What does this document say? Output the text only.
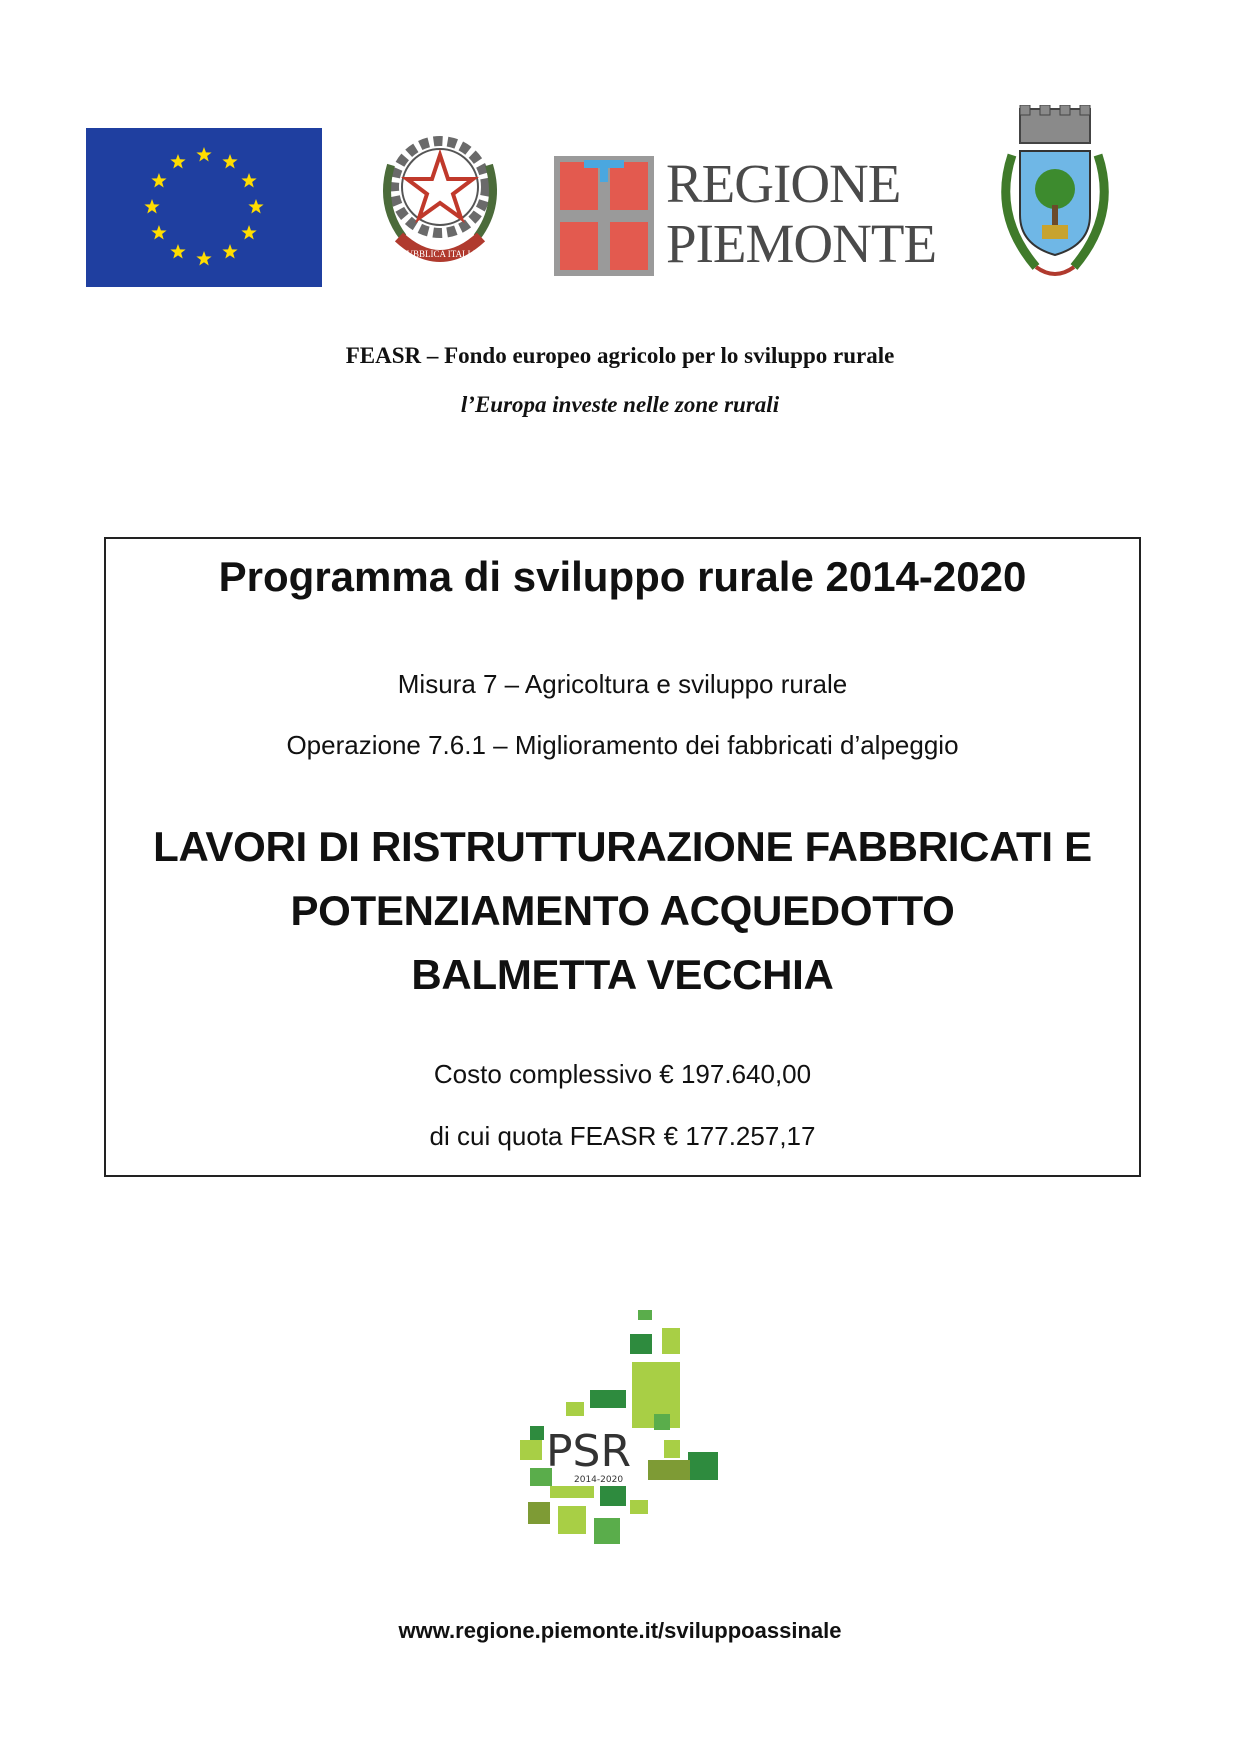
REPVBBLICA ITALIANA
REGIONE
PIEMONTE
FEASR – Fondo europeo agricolo per lo sviluppo rurale
l’Europa investe nelle zone rurali
Programma di sviluppo rurale 2014-2020
Misura 7 – Agricoltura e sviluppo rurale
Operazione 7.6.1 – Miglioramento dei fabbricati d’alpeggio
LAVORI DI RISTRUTTURAZIONE FABBRICATI E
POTENZIAMENTO ACQUEDOTTO
BALMETTA VECCHIA
Costo complessivo € 197.640,00
di cui quota FEASR € 177.257,17
PSR
2014-2020
www.regione.piemonte.it/sviluppoassinale
